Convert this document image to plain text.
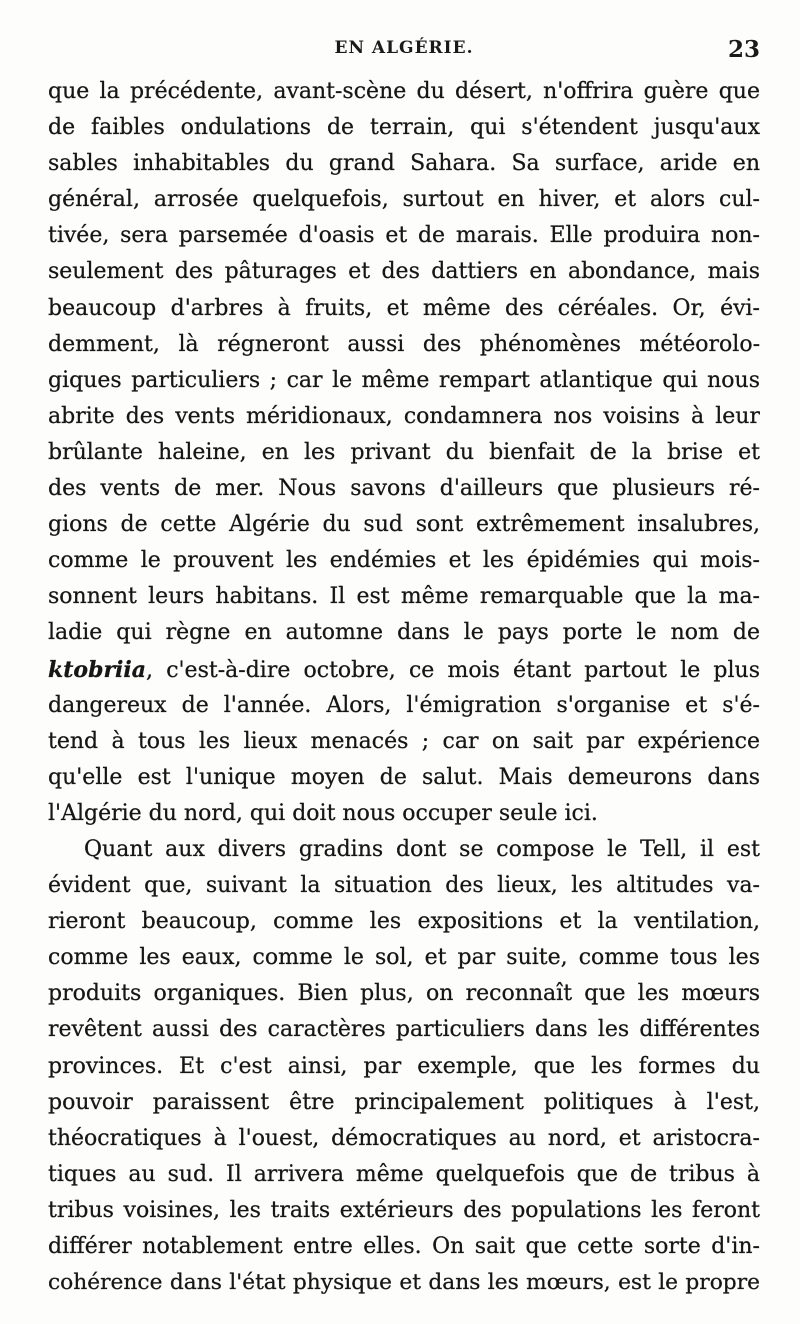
EN ALGÉRIE.	23
que la précédente, avant-scène du désert, n'offrira guère que
de faibles ondulations de terrain, qui s'étendent jusqu'aux
sables inhabitables du grand Sahara. Sa surface, aride en
général, arrosée quelquefois, surtout en hiver, et alors cul-
tivée, sera parsemée d'oasis et de marais. Elle produira non-
seulement des pâturages et des dattiers en abondance, mais
beaucoup d'arbres à fruits, et même des céréales. Or, évi-
demment, là régneront aussi des phénomènes météorolo-
giques particuliers ; car le même rempart atlantique qui nous
abrite des vents méridionaux, condamnera nos voisins à leur
brûlante haleine, en les privant du bienfait de la brise et
des vents de mer. Nous savons d'ailleurs que plusieurs ré-
gions de cette Algérie du sud sont extrêmement insalubres,
comme le prouvent les endémies et les épidémies qui mois-
sonnent leurs habitans. Il est même remarquable que la ma-
ladie qui règne en automne dans le pays porte le nom de
ktobriia, c'est-à-dire octobre, ce mois étant partout le plus
dangereux de l'année. Alors, l'émigration s'organise et s'é-
tend à tous les lieux menacés ; car on sait par expérience
qu'elle est l'unique moyen de salut. Mais demeurons dans
l'Algérie du nord, qui doit nous occuper seule ici.
Quant aux divers gradins dont se compose le Tell, il est
évident que, suivant la situation des lieux, les altitudes va-
rieront beaucoup, comme les expositions et la ventilation,
comme les eaux, comme le sol, et par suite, comme tous les
produits organiques. Bien plus, on reconnaît que les mœurs
revêtent aussi des caractères particuliers dans les différentes
provinces. Et c'est ainsi, par exemple, que les formes du
pouvoir paraissent être principalement politiques à l'est,
théocratiques à l'ouest, démocratiques au nord, et aristocra-
tiques au sud. Il arrivera même quelquefois que de tribus à
tribus voisines, les traits extérieurs des populations les feront
différer notablement entre elles. On sait que cette sorte d'in-
cohérence dans l'état physique et dans les mœurs, est le propre
